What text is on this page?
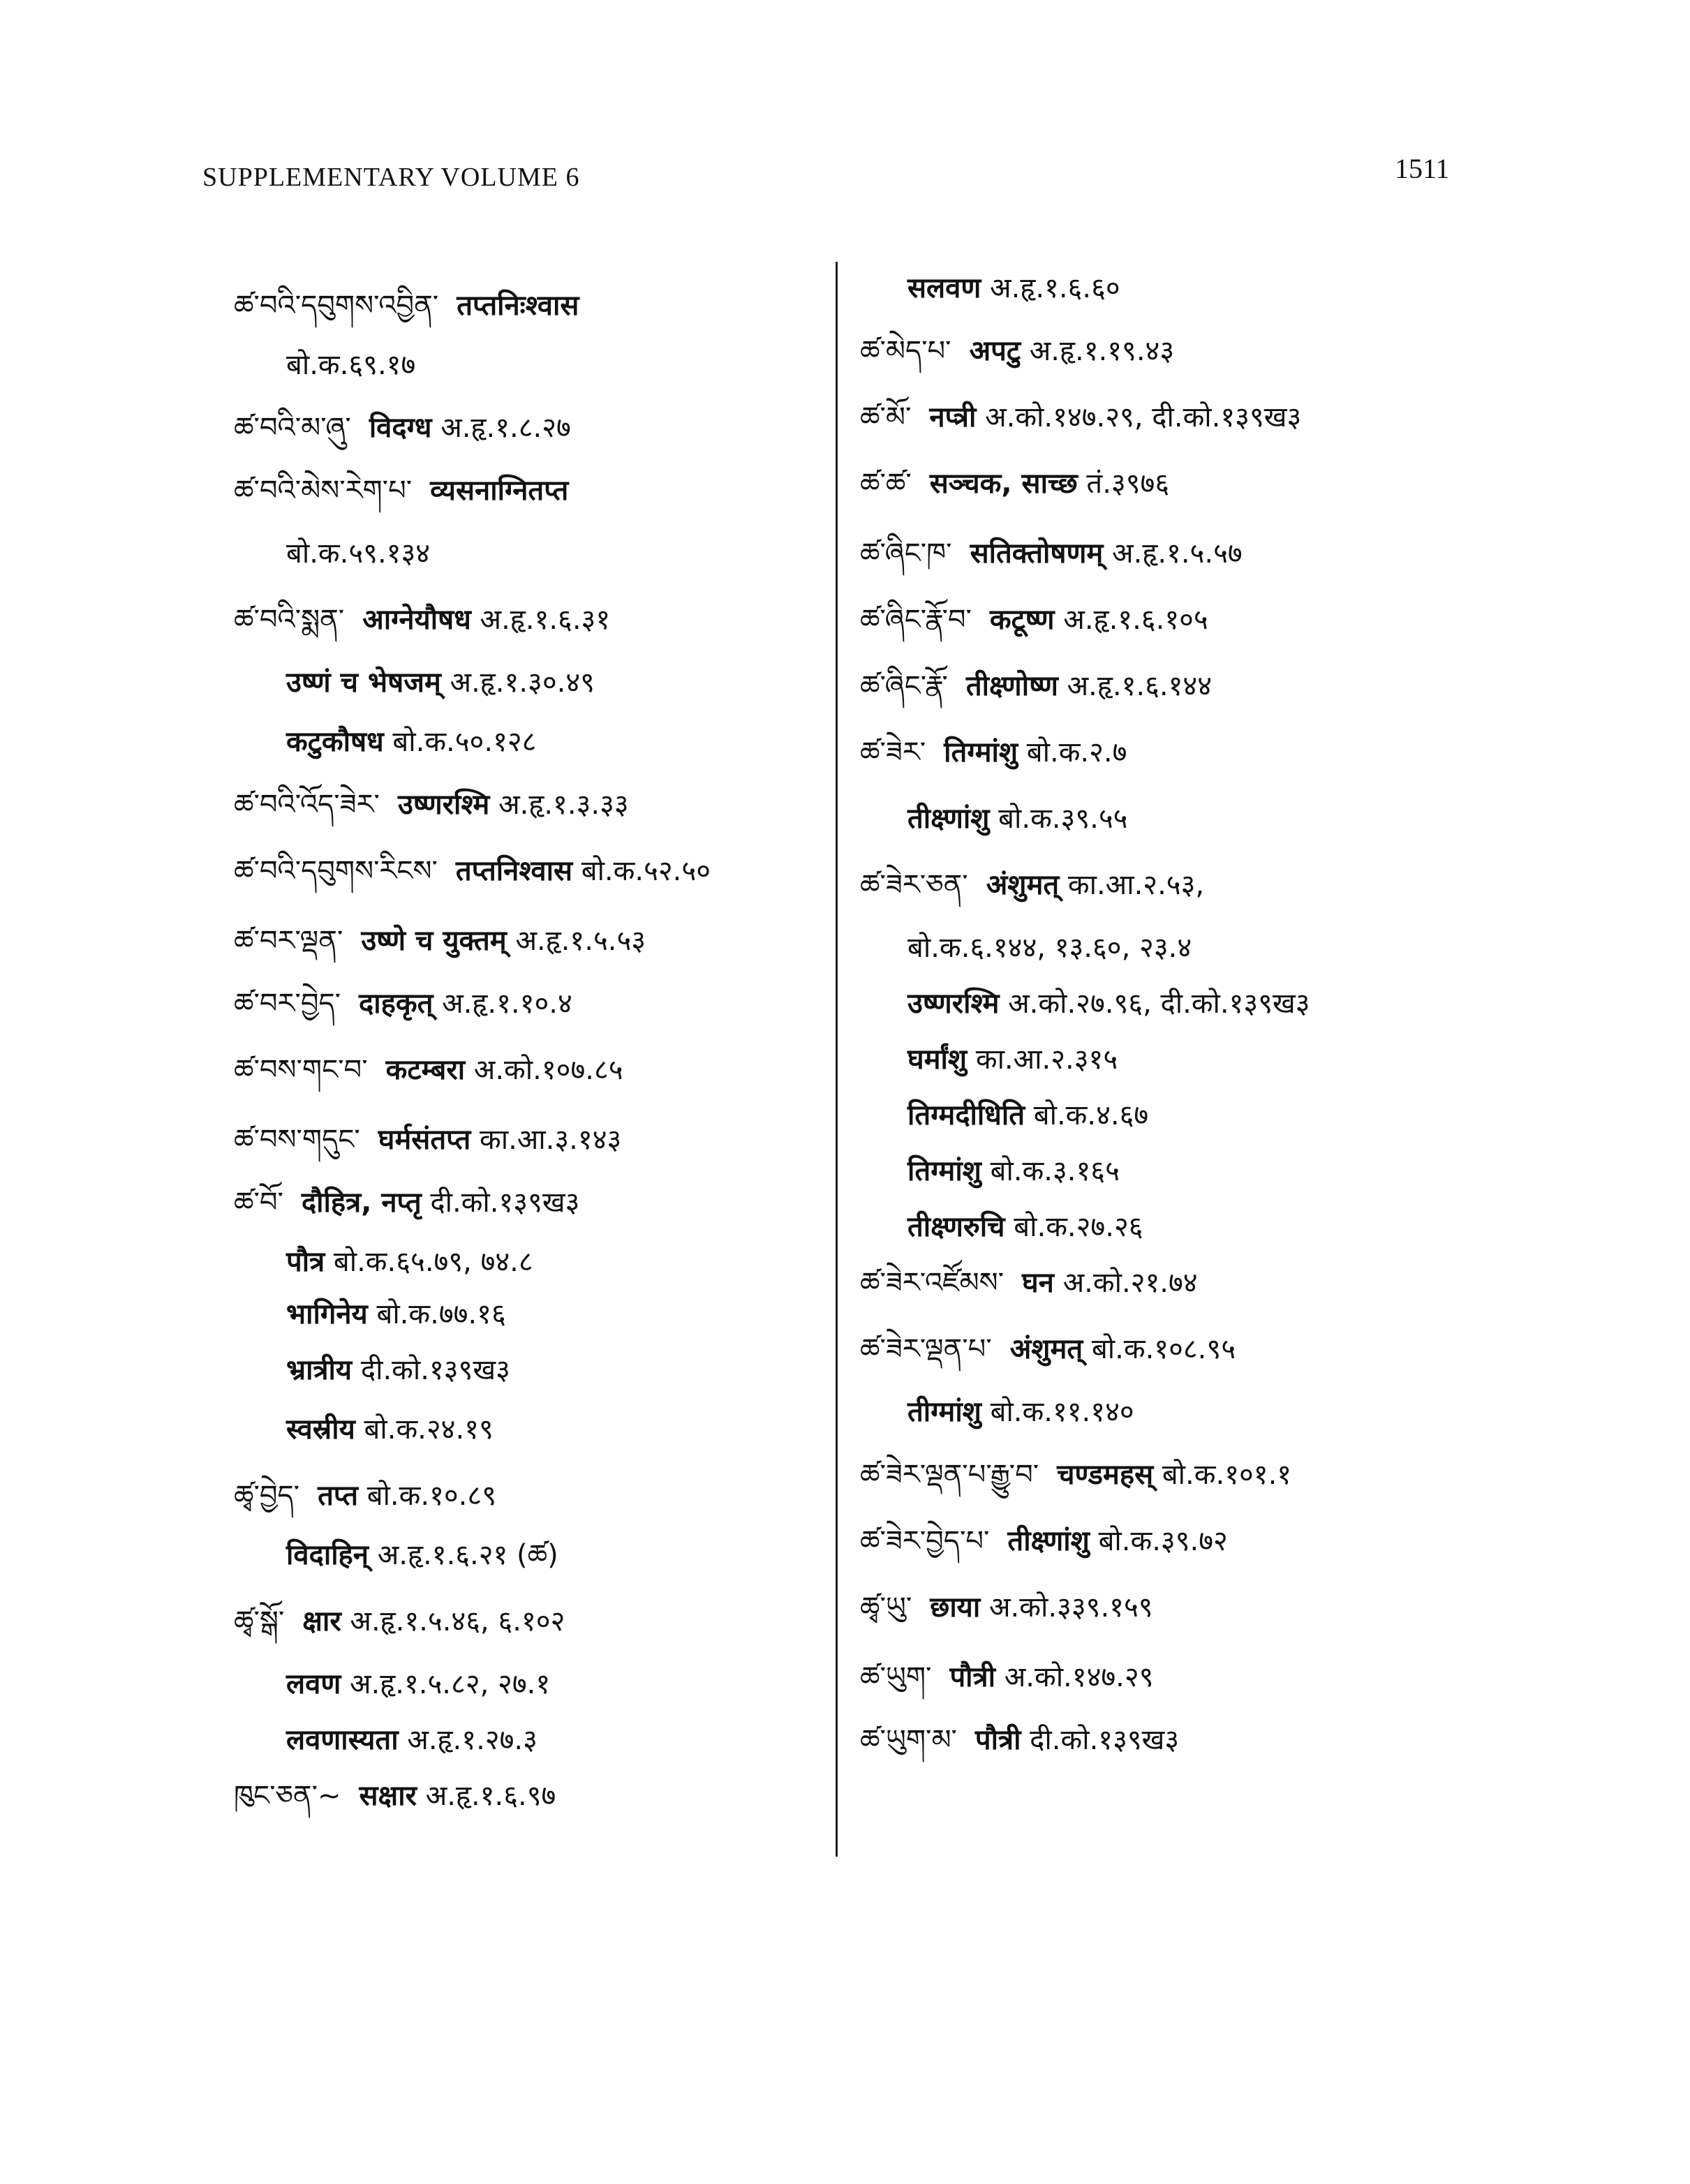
SUPPLEMENTARY VOLUME 6	1511
ཚ་བའི་དབུགས་འབྱིན་ तप्तनिःश्वास
बो.क.६९.१७
ཚ་བའི་མ་ཞུ་ विदग्ध अ.हृ.१.८.२७
ཚ་བའི་མེས་རེག་པ་ व्यसनाग्नितप्त
बो.क.५९.१३४
ཚ་བའི་སྨན་ आग्नेयौषध अ.हृ.१.६.३१
उष्णं च भेषजम् अ.हृ.१.३०.४९
कटुकौषध बो.क.५०.१२८
ཚ་བའི་འོད་ཟེར་ उष्णरश्मि अ.हृ.१.३.३३
ཚ་བའི་དབུགས་རིངས་ तप्तनिश्वास बो.क.५२.५०
ཚ་བར་ལྡན་ उष्णे च युक्तम् अ.हृ.१.५.५३
ཚ་བར་བྱེད་ दाहकृत् अ.हृ.१.१०.४
ཚ་བས་གང་བ་ कटम्बरा अ.को.१०७.८५
ཚ་བས་གདུང་ घर्मसंतप्त का.आ.३.१४३
ཚ་བོ་ दौहित्र, नप्तृ दी.को.१३९ख३
पौत्र बो.क.६५.७९, ७४.८
भागिनेय बो.क.७७.१६
भ्रात्रीय दी.को.१३९ख३
स्वस्रीय बो.क.२४.१९
ཚྭ་བྱེད་ तप्त बो.क.१०.८९
विदाहिन् अ.हृ.१.६.२१ (ཚ༹)
ཚྭ་སྒོ་ क्षार अ.हृ.१.५.४६, ६.१०२
लवण अ.हृ.१.५.८२, २७.१
लवणास्यता अ.हृ.१.२७.३
ཁུང་ཅན་~ सक्षार अ.हृ.१.६.९७
सलवण अ.हृ.१.६.६०
ཚ་མེད་པ་ अपटु अ.हृ.१.१९.४३
ཚ་མོ་ नप्त्री अ.को.१४७.२९, दी.को.१३९ख३
ཚ་ཚ་ सञ्चक, साच्छ तं.३९७६
ཚ་ཞིང་ཁ་ सतिक्तोषणम् अ.हृ.१.५.५७
ཚ་ཞིང་རྣོ་བ་ कटूष्ण अ.हृ.१.६.१०५
ཚ་ཞིང་རྣོ་ तीक्ष्णोष्ण अ.हृ.१.६.१४४
ཚ་ཟེར་ तिग्मांशु बो.क.२.७
तीक्ष्णांशु बो.क.३९.५५
ཚ་ཟེར་ཅན་ अंशुमत् का.आ.२.५३,
बो.क.६.१४४, १३.६०, २३.४
उष्णरश्मि अ.को.२७.९६, दी.को.१३९ख३
घर्मांशु का.आ.२.३१५
तिग्मदीधिति बो.क.४.६७
तिग्मांशु बो.क.३.१६५
तीक्ष्णरुचि बो.क.२७.२६
ཚ་ཟེར་འཛོམས་ घन अ.को.२१.७४
ཚ་ཟེར་ལྡན་པ་ अंशुमत् बो.क.१०८.९५
तीग्मांशु बो.क.११.१४०
ཚ་ཟེར་ལྡན་པ་རྒྱུ་བ་ चण्डमहस् बो.क.१०१.१
ཚ་ཟེར་བྱེད་པ་ तीक्ष्णांशु बो.क.३९.७२
ཚྭ་ཡུ་ छाया अ.को.३३९.१५९
ཚ་ཡུག་ पौत्री अ.को.१४७.२९
ཚ་ཡུག་མ་ पौत्री दी.को.१३९ख३
